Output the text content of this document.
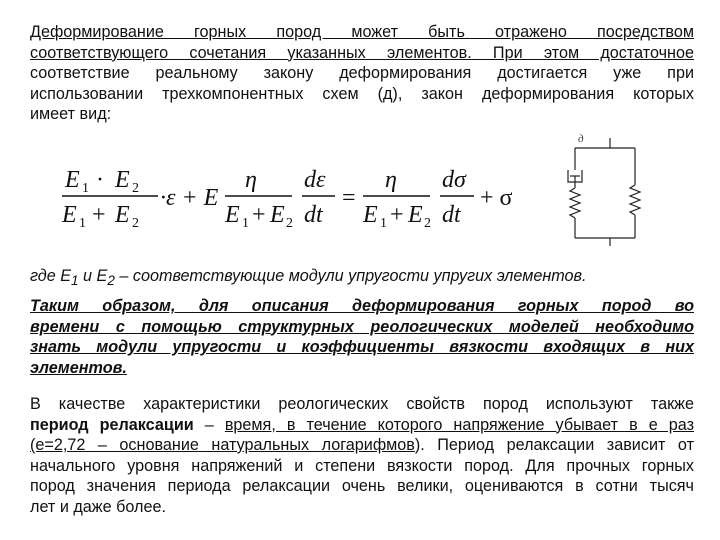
Деформирование горных пород может быть отражено посредством
соответствующего сочетания указанных элементов. При этом достаточное
соответствие реальному закону деформирования достигается уже при
использовании трехкомпонентных схем (д), закон деформирования которых
имеет вид:
E 1 · E 2
E 1 + E 2
·ε + E
η
E 1 + E 2
dε
dt
=
η
E 1 + E 2
dσ
dt
+ σ
д
где $E_1$ и $E_2$ – соответствующие модули упругости упругих элементов.
Таким образом, для описания деформирования горных пород во
времени с помощью структурных реологических моделей необходимо
знать модули упругости и коэффициенты вязкости входящих в них
элементов.
В качестве характеристики реологических свойств пород используют также
период релаксации – время, в течение которого напряжение убывает в е раз
(е=2,72 – основание натуральных логарифмов). Период релаксации зависит от
начального уровня напряжений и степени вязкости пород. Для прочных горных
пород значения периода релаксации очень велики, оцениваются в сотни тысяч
лет и даже более.
